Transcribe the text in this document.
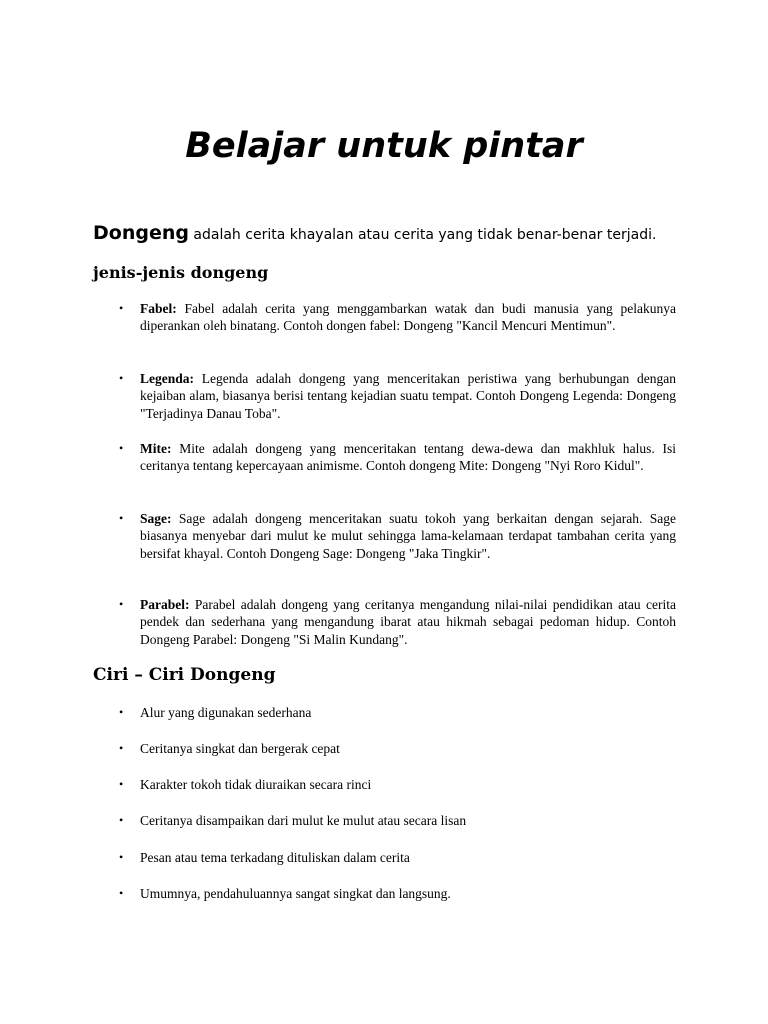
Belajar untuk pintar

Dongeng adalah cerita khayalan atau cerita yang tidak benar-benar terjadi.

jenis-jenis dongeng
•	Fabel: Fabel adalah cerita yang menggambarkan watak dan budi manusia yang pelakunya diperankan oleh binatang. Contoh dongen fabel: Dongeng "Kancil Mencuri Mentimun".
•	Legenda: Legenda adalah dongeng yang menceritakan peristiwa yang berhubungan dengan kejaiban alam, biasanya berisi tentang kejadian suatu tempat. Contoh Dongeng Legenda: Dongeng "Terjadinya Danau Toba".
•	Mite: Mite adalah dongeng yang menceritakan tentang dewa-dewa dan makhluk halus. Isi ceritanya tentang kepercayaan animisme. Contoh dongeng Mite: Dongeng "Nyi Roro Kidul".
•	Sage: Sage adalah dongeng menceritakan suatu tokoh yang berkaitan dengan sejarah. Sage biasanya menyebar dari mulut ke mulut sehingga lama-kelamaan terdapat tambahan cerita yang bersifat khayal. Contoh Dongeng Sage: Dongeng "Jaka Tingkir".
•	Parabel: Parabel adalah dongeng yang ceritanya mengandung nilai-nilai pendidikan atau cerita pendek dan sederhana yang mengandung ibarat atau hikmah sebagai pedoman hidup. Contoh Dongeng Parabel: Dongeng "Si Malin Kundang".
Ciri – Ciri Dongeng
•	Alur yang digunakan sederhana
•	Ceritanya singkat dan bergerak cepat
•	Karakter tokoh tidak diuraikan secara rinci
•	Ceritanya disampaikan dari mulut ke mulut atau secara lisan
•	Pesan atau tema terkadang dituliskan dalam cerita
•	Umumnya, pendahuluannya sangat singkat dan langsung.
